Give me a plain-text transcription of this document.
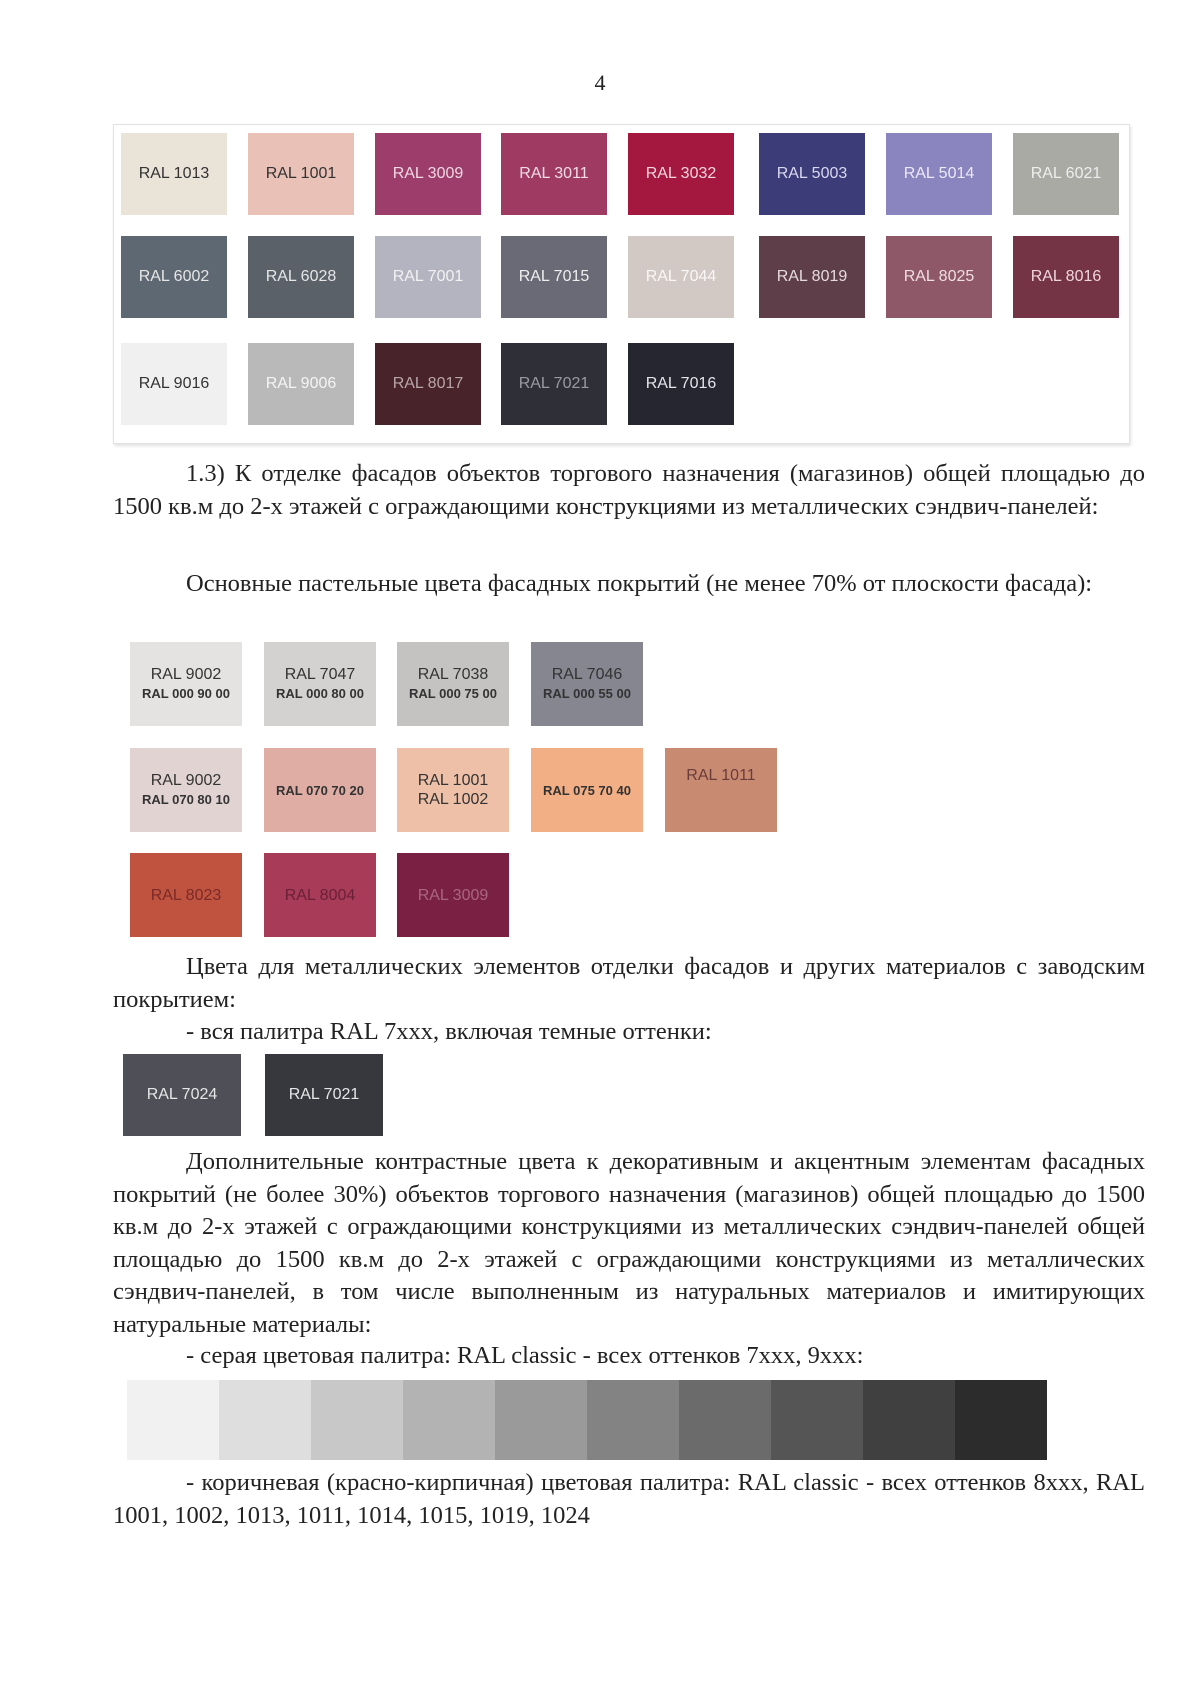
4
RAL 1013	RAL 1001	RAL 3009	RAL 3011	RAL 3032	RAL 5003	RAL 5014	RAL 6021
RAL 6002	RAL 6028	RAL 7001	RAL 7015	RAL 7044	RAL 8019	RAL 8025	RAL 8016
RAL 9016	RAL 9006	RAL 8017	RAL 7021	RAL 7016
1.3) К отделке фасадов объектов торгового назначения (магазинов) общей площадью до 1500 кв.м до 2-х этажей с ограждающими конструкциями из металлических сэндвич-панелей:
Основные пастельные цвета фасадных покрытий (не менее 70% от плоскости фасада):
RAL 9002
RAL 000 90 00
RAL 7047
RAL 000 80 00
RAL 7038
RAL 000 75 00
RAL 7046
RAL 000 55 00
RAL 9002
RAL 070 80 10
RAL 070 70 20
RAL 1001
RAL 1002
RAL 075 70 40
RAL 1011
RAL 8023	RAL 8004	RAL 3009
Цвета для металлических элементов отделки фасадов и других материалов с заводским покрытием:
- вся палитра RAL 7ххх, включая темные оттенки:
RAL 7024	RAL 7021
Дополнительные контрастные цвета к декоративным и акцентным элементам фасадных покрытий (не более 30%) объектов торгового назначения (магазинов) общей площадью до 1500 кв.м до 2-х этажей с ограждающими конструкциями из металлических сэндвич-панелей общей площадью до 1500 кв.м до 2-х этажей с ограждающими конструкциями из металлических сэндвич-панелей, в том числе выполненным из натуральных материалов и имитирующих натуральные материалы:
- серая цветовая палитра: RAL classic - всех оттенков 7ххх, 9ххх:
- коричневая (красно-кирпичная) цветовая палитра: RAL classic - всех оттенков 8ххх, RAL 1001, 1002, 1013, 1011, 1014, 1015, 1019, 1024
